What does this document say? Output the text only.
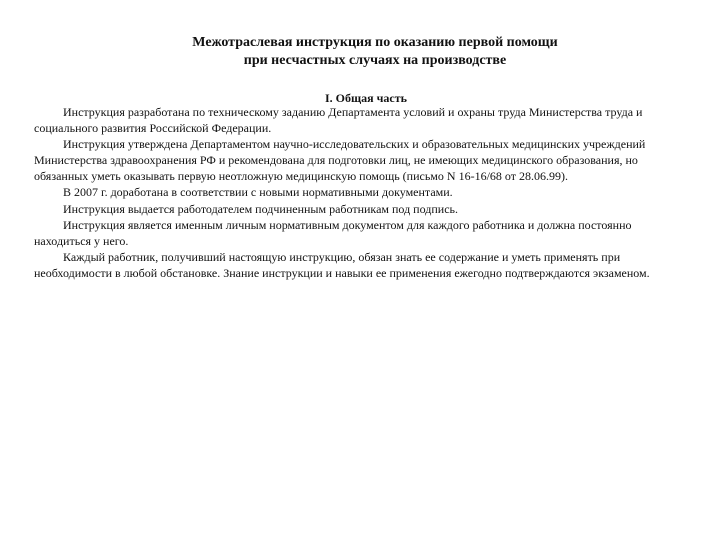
Межотраслевая инструкция по оказанию первой помощи
при несчастных случаях на производстве
I. Общая часть

Инструкция разработана по техническому заданию Департамента условий и охраны труда Министерства труда и социального развития Российской Федерации.

Инструкция утверждена Департаментом научно-исследовательских и образовательных медицинских учреждений Министерства здравоохранения РФ и рекомендована для подготовки лиц, не имеющих медицинского образования, но обязанных уметь оказывать первую неотложную медицинскую помощь (письмо N 16-16/68 от 28.06.99).

В 2007 г. доработана в соответствии с новыми нормативными документами.

Инструкция выдается работодателем подчиненным работникам под подпись.

Инструкция является именным личным нормативным документом для каждого работника и должна постоянно находиться у него.

Каждый работник, получивший настоящую инструкцию, обязан знать ее содержание и уметь применять при необходимости в любой обстановке. Знание инструкции и навыки ее применения ежегодно подтверждаются экзаменом.
